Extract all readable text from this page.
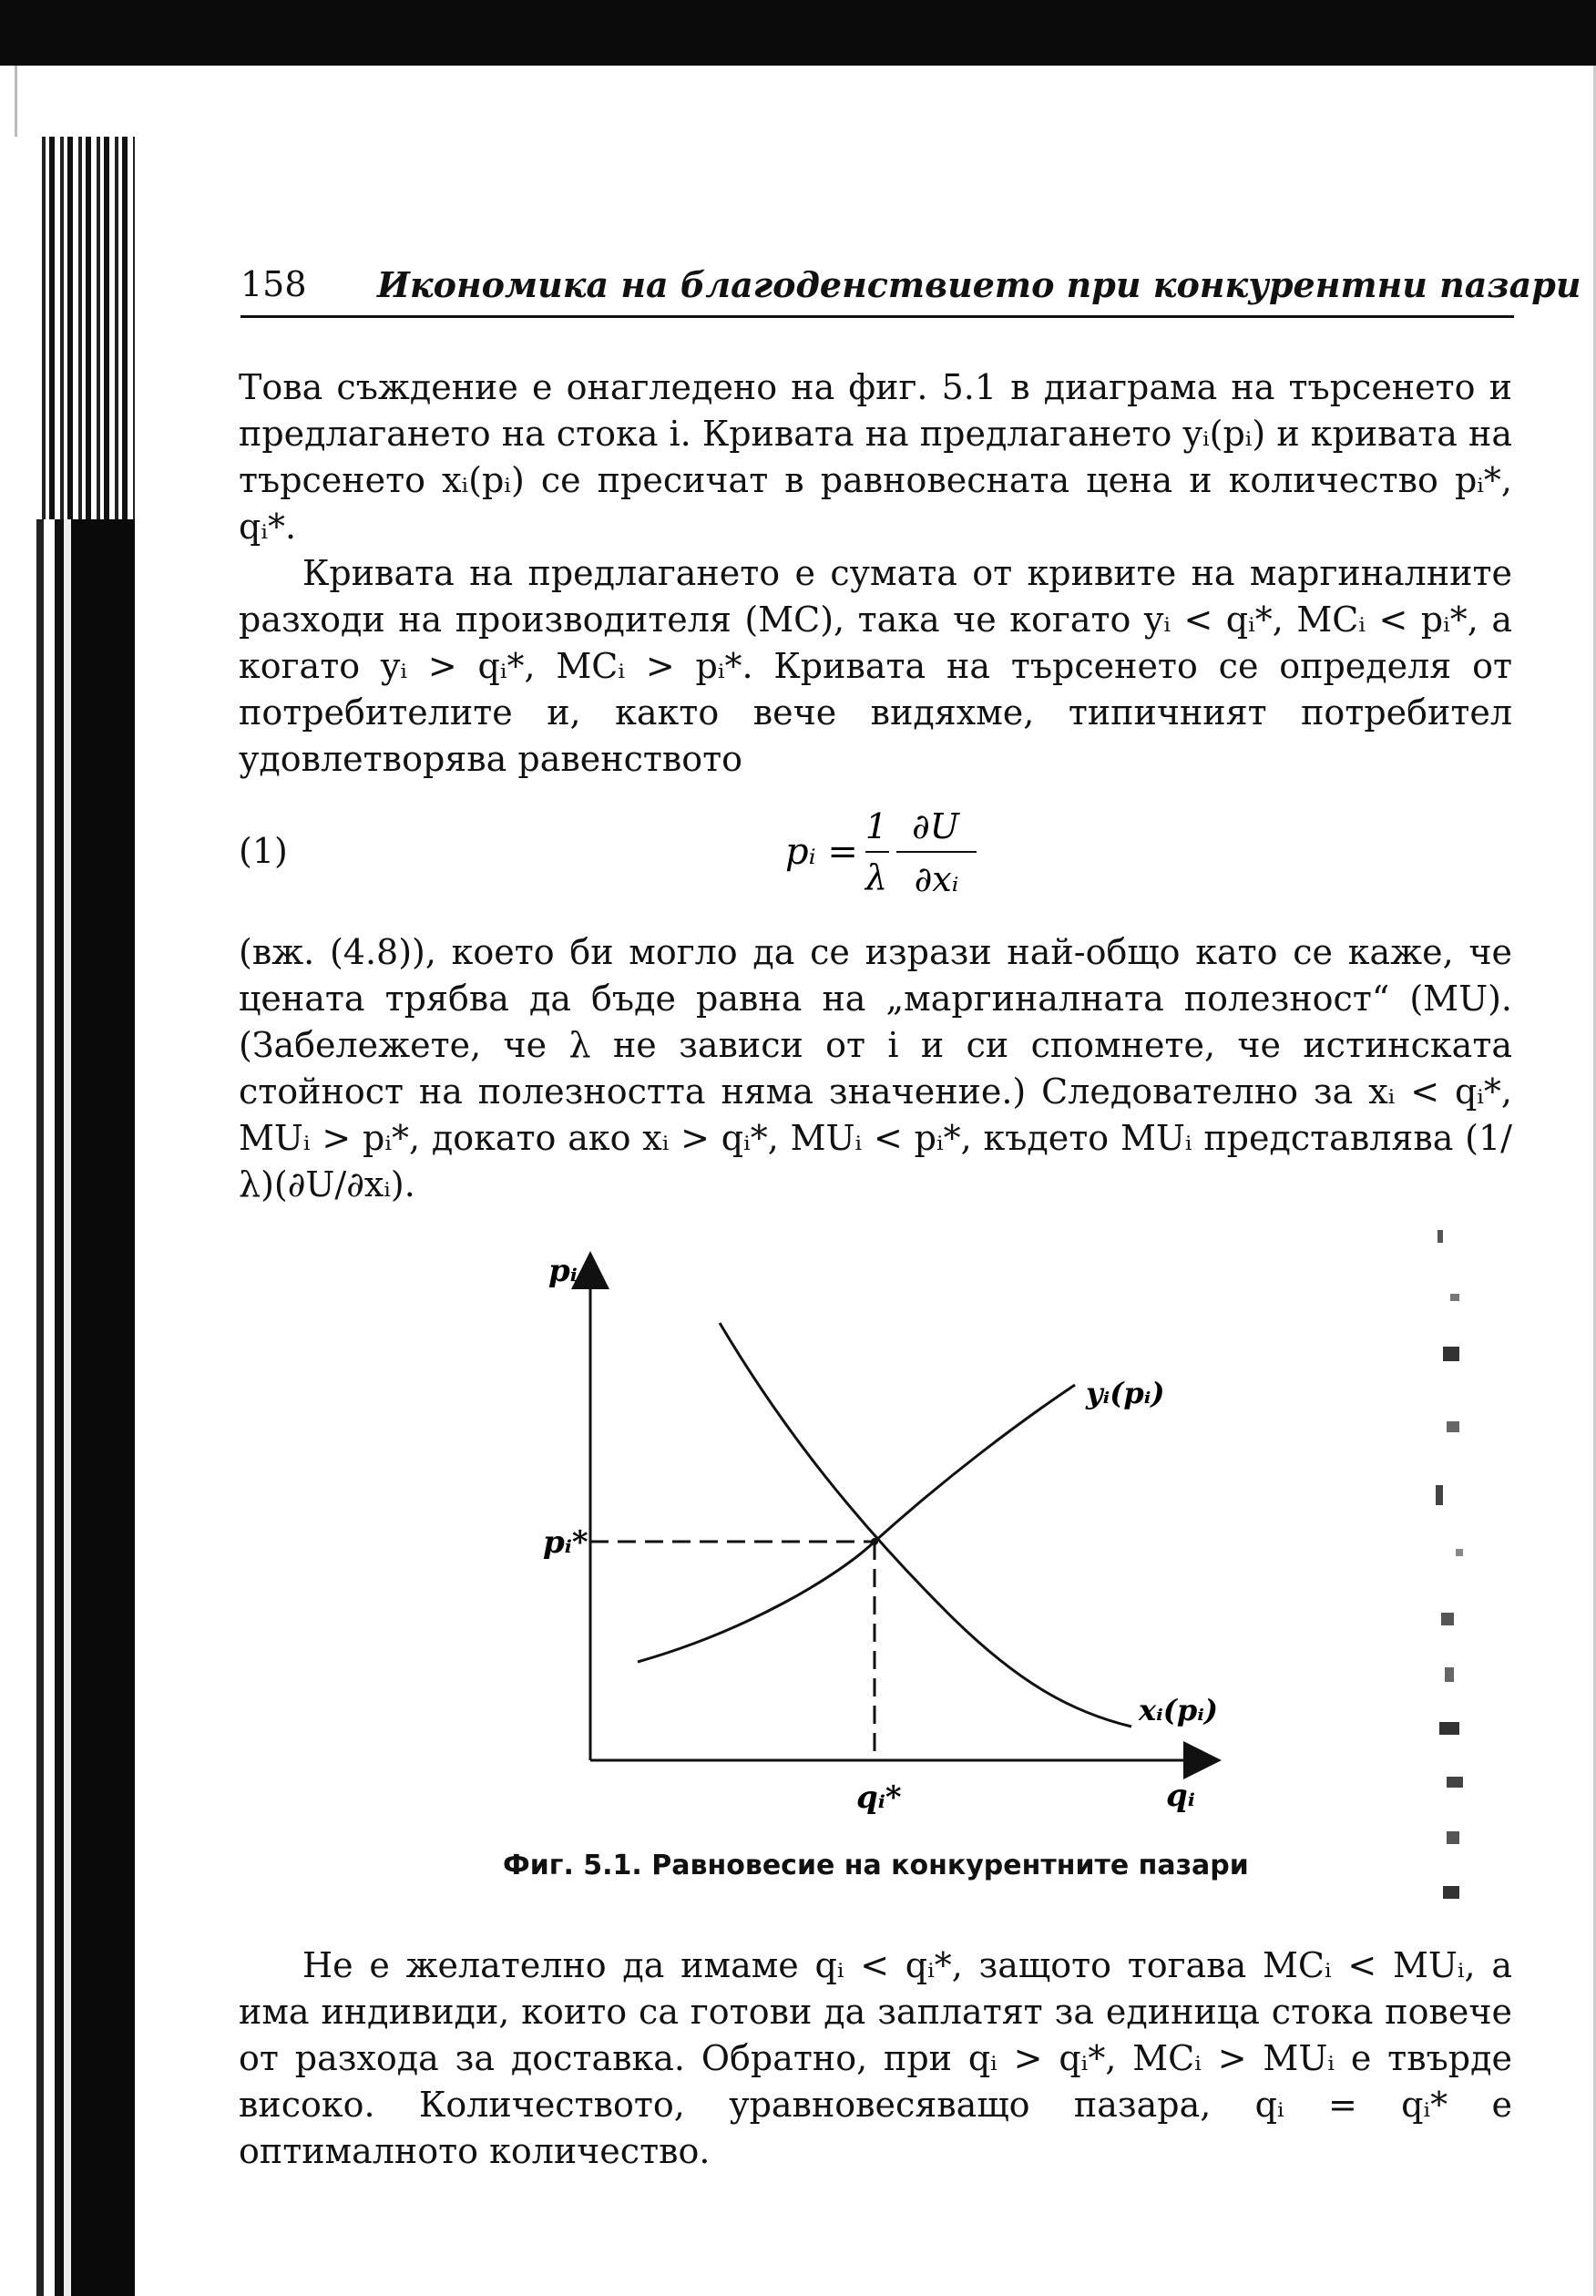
158 Икономика на благоденствието при конкурентни пазари
Това съждение е онагледено на фиг. 5.1 в диаграма на търсенето и предлагането на стока i. Кривата на предлагането yᵢ(pᵢ) и кривата на търсенето xᵢ(pᵢ) се пресичат в равновесната цена и количество pᵢ*, qᵢ*.
Кривата на предлагането е сумата от кривите на маргиналните разходи на производителя (MC), така че когато yᵢ < qᵢ*, MCᵢ < pᵢ*, а когато yᵢ > qᵢ*, MCᵢ > pᵢ*. Кривата на търсенето се определя от потребителите и, както вече видяхме, типичният потребител удовлетворява равенството
(1)	pᵢ =
1
λ
∂U
∂xᵢ
(вж. (4.8)), което би могло да се изрази най-общо като се каже, че цената трябва да бъде равна на „маргиналната полезност“ (MU). (Забележете, че λ не зависи от i и си спомнете, че истинската стойност на полезността няма значение.) Следователно за xᵢ < qᵢ*, MUᵢ > pᵢ*, докато ако xᵢ > qᵢ*, MUᵢ < pᵢ*, където MUᵢ представлява (1/λ)(∂U/∂xᵢ).
pᵢ
qᵢ
pᵢ*
qᵢ*
yᵢ(pᵢ)
xᵢ(pᵢ)
Фиг. 5.1. Равновесие на конкурентните пазари
Не е желателно да имаме qᵢ < qᵢ*, защото тогава MCᵢ < MUᵢ, а има индивиди, които са готови да заплатят за единица стока повече от разхода за доставка. Обратно, при qᵢ > qᵢ*, MCᵢ > MUᵢ е твърде високо. Количеството, уравновесяващо пазара, qᵢ = qᵢ* е оптималното количество.
